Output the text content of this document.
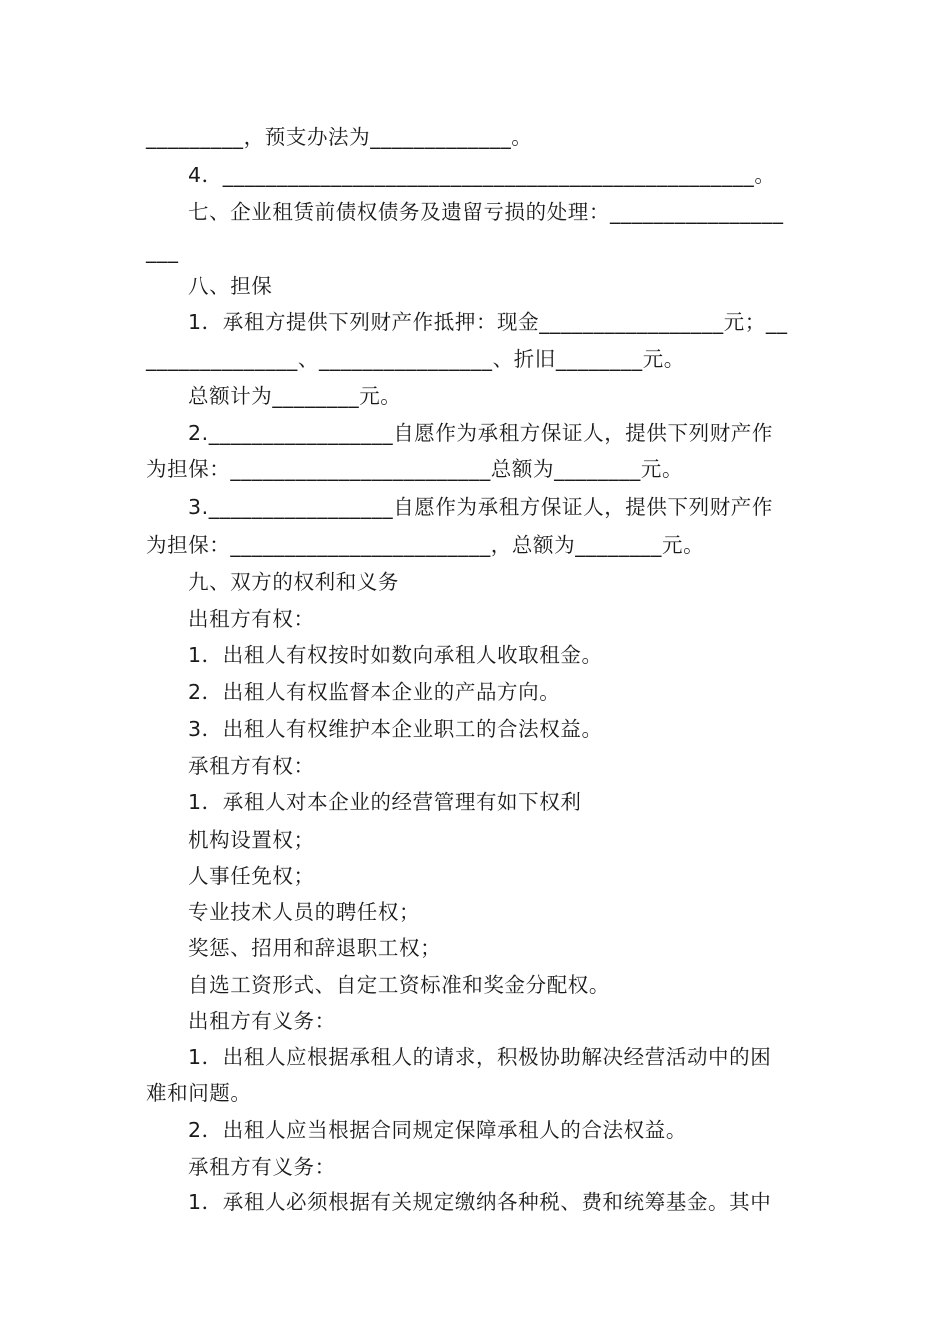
_________，预支办法为_____________。
4．_________________________________________________。
七、企业租赁前债权债务及遗留亏损的处理：________________
___
八、担保
1．承租方提供下列财产作抵押：现金_________________元；__
______________、________________、折旧________元。
总额计为________元。
2._________________自愿作为承租方保证人，提供下列财产作
为担保：________________________总额为________元。
3._________________自愿作为承租方保证人，提供下列财产作
为担保：________________________，总额为________元。
九、双方的权利和义务
出租方有权：
1．出租人有权按时如数向承租人收取租金。
2．出租人有权监督本企业的产品方向。
3．出租人有权维护本企业职工的合法权益。
承租方有权：
1．承租人对本企业的经营管理有如下权利
机构设置权；
人事任免权；
专业技术人员的聘任权；
奖惩、招用和辞退职工权；
自选工资形式、自定工资标准和奖金分配权。
出租方有义务：
1．出租人应根据承租人的请求，积极协助解决经营活动中的困
难和问题。
2．出租人应当根据合同规定保障承租人的合法权益。
承租方有义务：
1．承租人必须根据有关规定缴纳各种税、费和统筹基金。其中
